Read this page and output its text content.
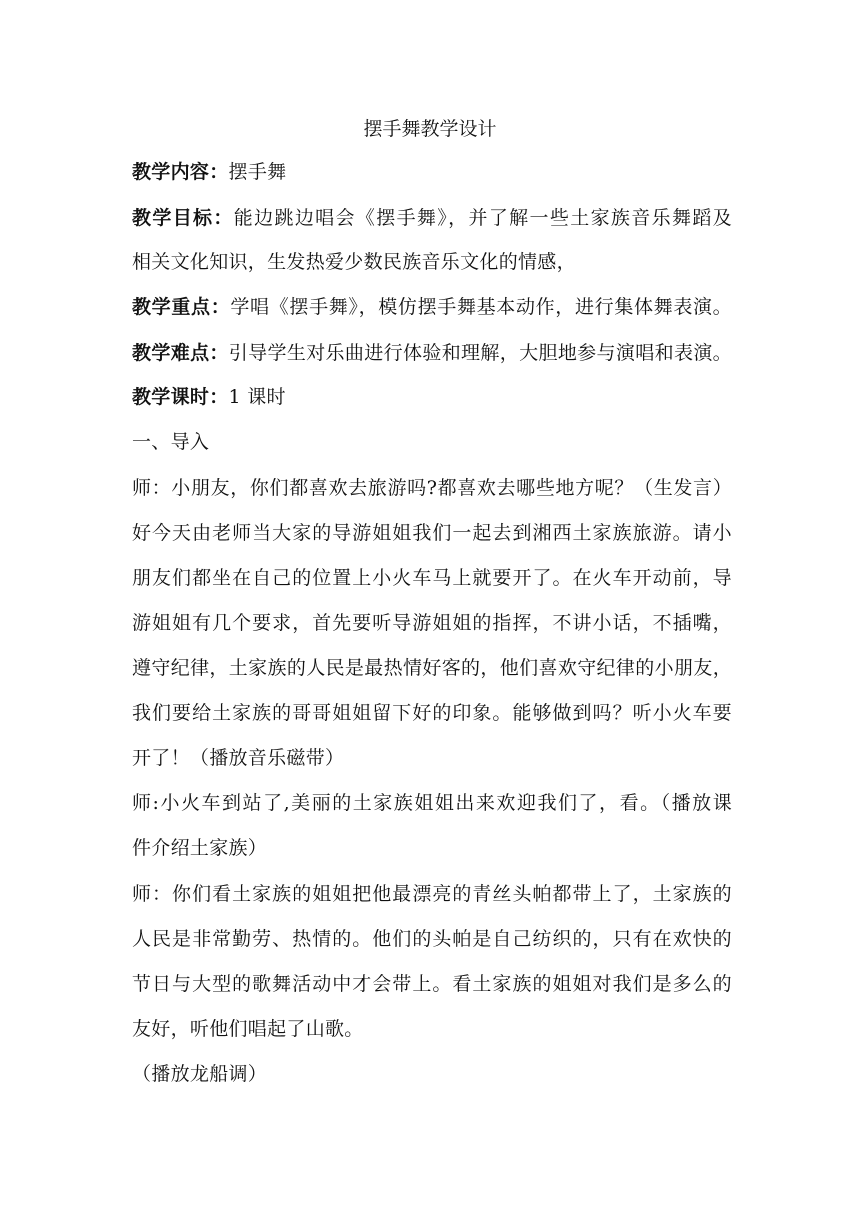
摆手舞教学设计
教学内容：摆手舞
教学目标：能边跳边唱会《摆手舞》，并了解一些土家族音乐舞蹈及
相关文化知识，生发热爱少数民族音乐文化的情感，
教学重点：学唱《摆手舞》，模仿摆手舞基本动作，进行集体舞表演。
教学难点：引导学生对乐曲进行体验和理解，大胆地参与演唱和表演。
教学课时：1 课时
一、导入
师：小朋友，你们都喜欢去旅游吗?都喜欢去哪些地方呢？（生发言）
好今天由老师当大家的导游姐姐我们一起去到湘西土家族旅游。请小
朋友们都坐在自己的位置上小火车马上就要开了。在火车开动前，导
游姐姐有几个要求，首先要听导游姐姐的指挥，不讲小话，不插嘴，
遵守纪律，土家族的人民是最热情好客的，他们喜欢守纪律的小朋友，
我们要给土家族的哥哥姐姐留下好的印象。能够做到吗？听小火车要
开了！（播放音乐磁带）
师:小火车到站了,美丽的土家族姐姐出来欢迎我们了，看。（播放课
件介绍土家族）
师：你们看土家族的姐姐把他最漂亮的青丝头帕都带上了，土家族的
人民是非常勤劳、热情的。他们的头帕是自己纺织的，只有在欢快的
节日与大型的歌舞活动中才会带上。看土家族的姐姐对我们是多么的
友好，听他们唱起了山歌。
（播放龙船调）
